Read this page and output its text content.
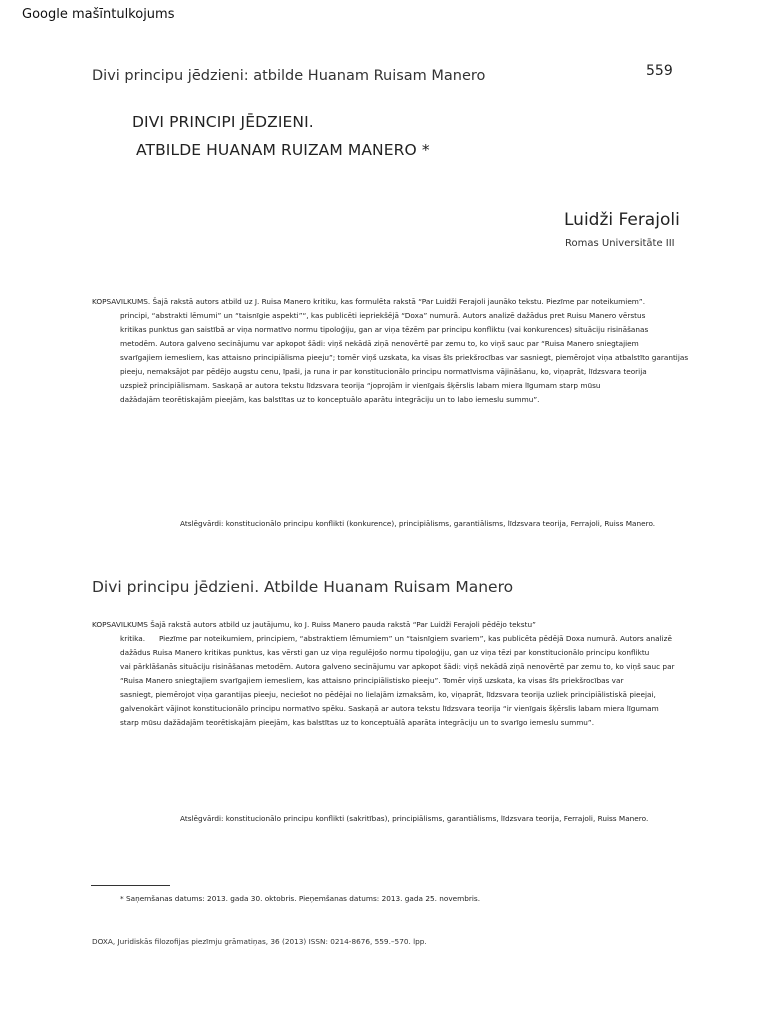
Google mašīntulkojums
Divi principu jēdzieni: atbilde Huanam Ruisam Manero	559
DIVI PRINCIPI JĒDZIENI.
ATBILDE HUANAM RUIZAM MANERO *
Luidži Ferajoli
Romas Universitāte III
KOPSAVILKUMS. Šajā rakstā autors atbild uz J. Ruisa Manero kritiku, kas formulēta rakstā “Par Luidži Ferajoli jaunāko tekstu. Piezīme par noteikumiem”.
principi, “abstrakti lēmumi” un “taisnīgie aspekti”“, kas publicēti iepriekšējā “Doxa” numurā. Autors analizē dažādus pret Ruisu Manero vērstus
kritikas punktus gan saistībā ar viņa normatīvo normu tipoloģiju, gan ar viņa tēzēm par principu konfliktu (vai konkurences) situāciju risināšanas
metodēm. Autora galveno secinājumu var apkopot šādi: viņš nekādā ziņā nenovērtē par zemu to, ko viņš sauc par “Ruisa Manero sniegtajiem
svarīgajiem iemesliem, kas attaisno principiālisma pieeju”; tomēr viņš uzskata, ka visas šīs priekšrocības var sasniegt, piemērojot viņa atbalstīto garantijas
pieeju, nemaksājot par pēdējo augstu cenu, īpaši, ja runa ir par konstitucionālo principu normatīvisma vājināšanu, ko, viņaprāt, līdzsvara teorija
uzspiež principiālismam. Saskaņā ar autora tekstu līdzsvara teorija “joprojām ir vienīgais šķērslis labam miera līgumam starp mūsu
dažādajām teorētiskajām pieejām, kas balstītas uz to konceptuālo aparātu integrāciju un to labo iemeslu summu”.
Atslēgvārdi: konstitucionālo principu konflikti (konkurence), principiālisms, garantiālisms, līdzsvara teorija, Ferrajoli, Ruiss Manero.
Divi principu jēdzieni. Atbilde Huanam Ruisam Manero
KOPSAVILKUMS Šajā rakstā autors atbild uz jautājumu, ko J. Ruiss Manero pauda rakstā “Par Luidži Ferajoli pēdējo tekstu”
kritika.      Piezīme par noteikumiem, principiem, “abstraktiem lēmumiem” un “taisnīgiem svariem”, kas publicēta pēdējā Doxa numurā. Autors analizē
dažādus Ruisa Manero kritikas punktus, kas vērsti gan uz viņa regulējošo normu tipoloģiju, gan uz viņa tēzi par konstitucionālo principu konfliktu
vai pārklāšanās situāciju risināšanas metodēm. Autora galveno secinājumu var apkopot šādi: viņš nekādā ziņā nenovērtē par zemu to, ko viņš sauc par
“Ruisa Manero sniegtajiem svarīgajiem iemesliem, kas attaisno principiālistisko pieeju”. Tomēr viņš uzskata, ka visas šīs priekšrocības var
sasniegt, piemērojot viņa garantijas pieeju, neciešot no pēdējai no lielajām izmaksām, ko, viņaprāt, līdzsvara teorija uzliek principiālistiskā pieejai,
galvenokārt vājinot konstitucionālo principu normatīvo spēku. Saskaņā ar autora tekstu līdzsvara teorija “ir vienīgais šķērslis labam miera līgumam
starp mūsu dažādajām teorētiskajām pieejām, kas balstītas uz to konceptuālā aparāta integrāciju un to svarīgo iemeslu summu”.
Atslēgvārdi: konstitucionālo principu konflikti (sakritības), principiālisms, garantiālisms, līdzsvara teorija, Ferrajoli, Ruiss Manero.
* Saņemšanas datums: 2013. gada 30. oktobris. Pieņemšanas datums: 2013. gada 25. novembris.
DOXA, Juridiskās filozofijas piezīmju grāmatiņas, 36 (2013) ISSN: 0214-8676, 559.–570. lpp.
